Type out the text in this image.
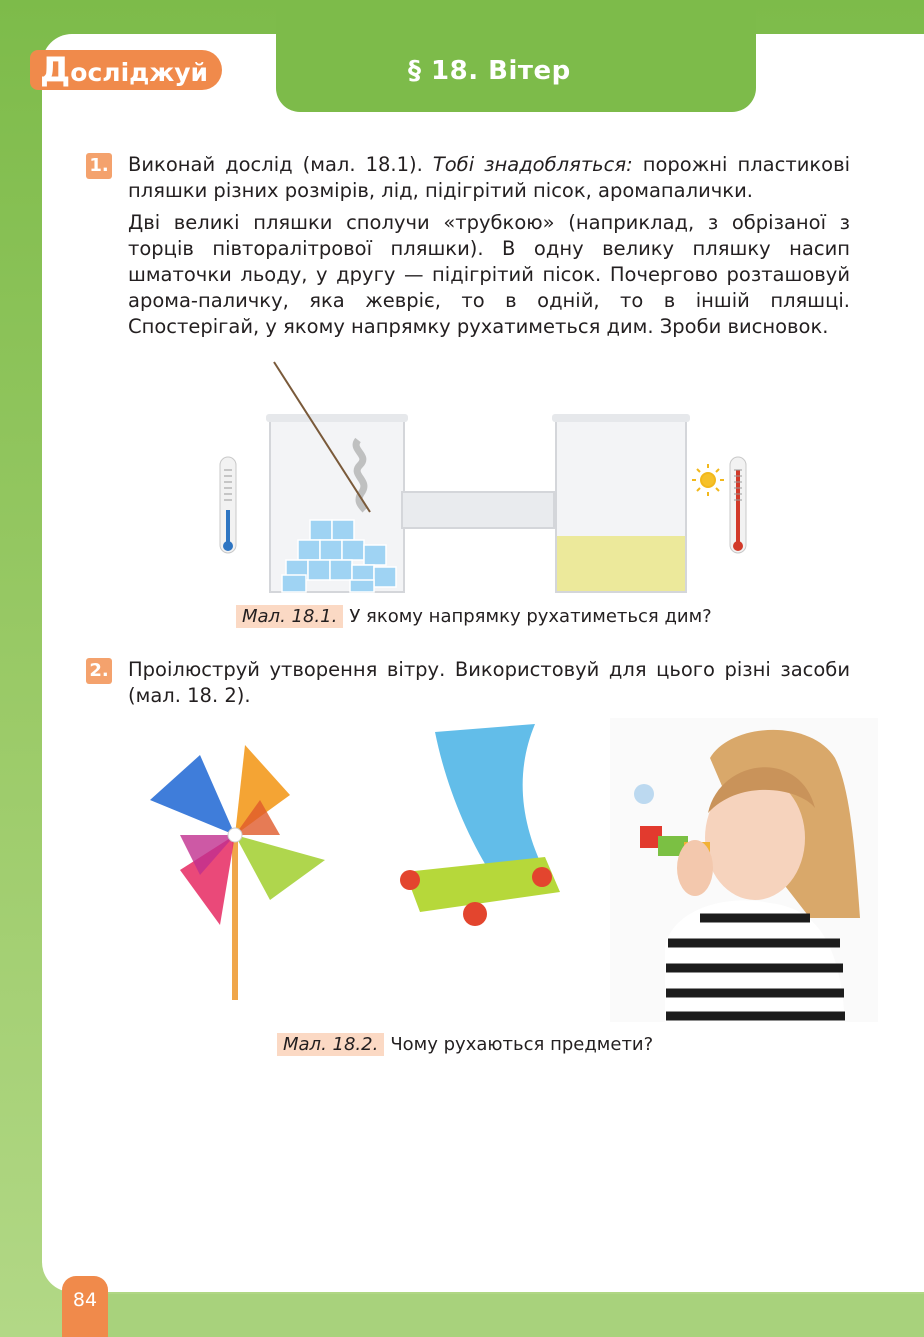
Досліджуй	§ 18. Вітер
1. Виконай дослід (мал. 18.1). Тобі знадобляться: порожні пластикові пляшки різних розмірів, лід, підігрітий пісок, аромапалички.
Дві великі пляшки сполучи «трубкою» (наприклад, з обрізаної з торців півторалітрової пляшки). В одну велику пляшку насип шматочки льоду, у другу — підігрітий пісок. Почергово розташовуй арома-паличку, яка жевріє, то в одній, то в іншій пляшці. Спостерігай, у якому напрямку рухатиметься дим. Зроби висновок.
Мал. 18.1. У якому напрямку рухатиметься дим?
2. Проілюструй утворення вітру. Використовуй для цього різні засоби (мал. 18. 2).
Мал. 18.2. Чому рухаються предмети?
84
